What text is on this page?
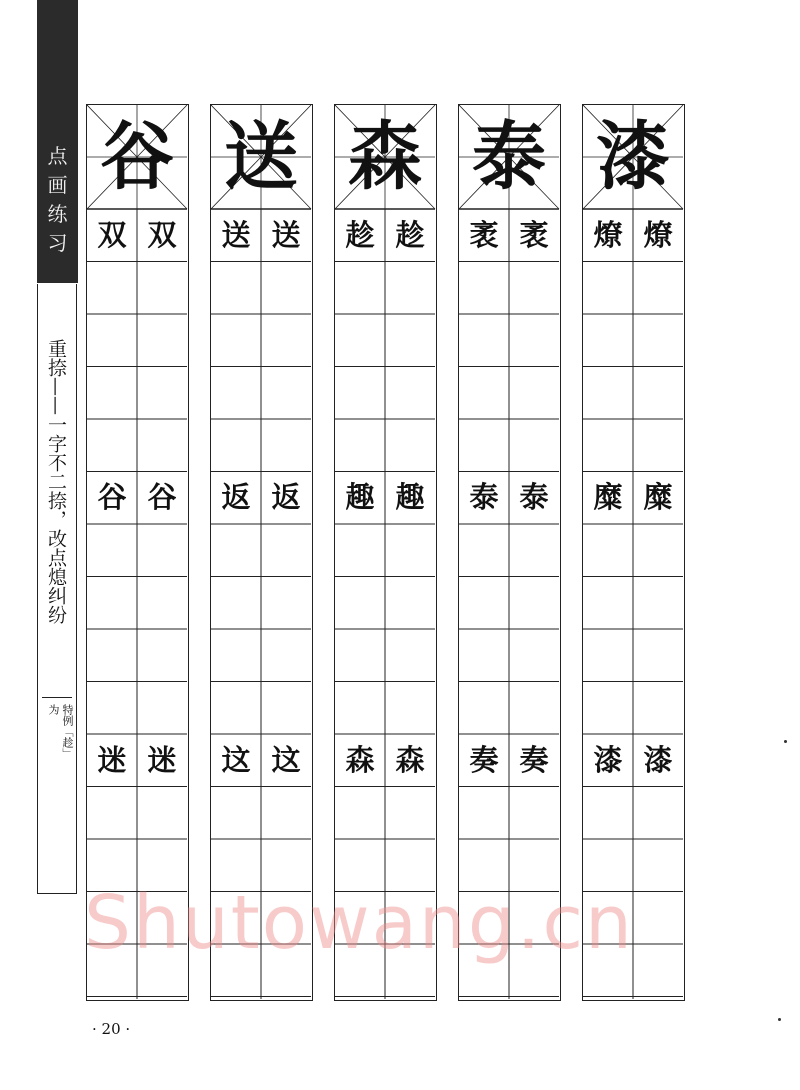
点
画
练
习
重捺——一字不二捺，改点熄纠纷
特例「趁」为
谷
双 双
谷 谷
迷 迷
送
送 送
返 返
这 这
森
趁 趁
趣 趣
森 森
泰
袤 袤
泰 泰
奏 奏
漆
燎 燎
糜 糜
漆 漆
Shutowang.cn
· 20 ·
